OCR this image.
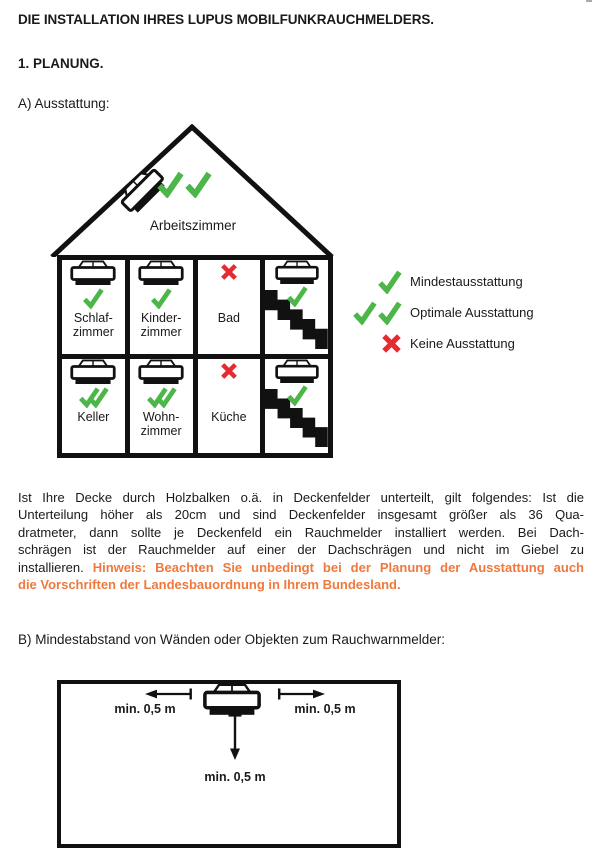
DIE INSTALLATION IHRES LUPUS MOBILFUNKRAUCHMELDERS.
1. PLANUNG.
A) Ausstattung:
Arbeitszimmer
Schlaf-
zimmer
Kinder-
zimmer
Bad
Keller	Wohn-
zimmer
Küche
Mindestausstattung
Optimale Ausstattung
Keine Ausstattung
Ist Ihre Decke durch Holzbalken o.ä. in Deckenfelder unterteilt, gilt folgendes: Ist die
Unterteilung höher als 20cm und sind Deckenfelder insgesamt größer als 36 Qua-
dratmeter, dann sollte je Deckenfeld ein Rauchmelder installiert werden. Bei Dach-
schrägen ist der Rauchmelder auf einer der Dachschrägen und nicht im Giebel zu
installieren. Hinweis: Beachten Sie unbedingt bei der Planung der Ausstattung auch
die Vorschriften der Landesbauordnung in Ihrem Bundesland.
B) Mindestabstand von Wänden oder Objekten zum Rauchwarnmelder:
min. 0,5 m	min. 0,5 m
min. 0,5 m
